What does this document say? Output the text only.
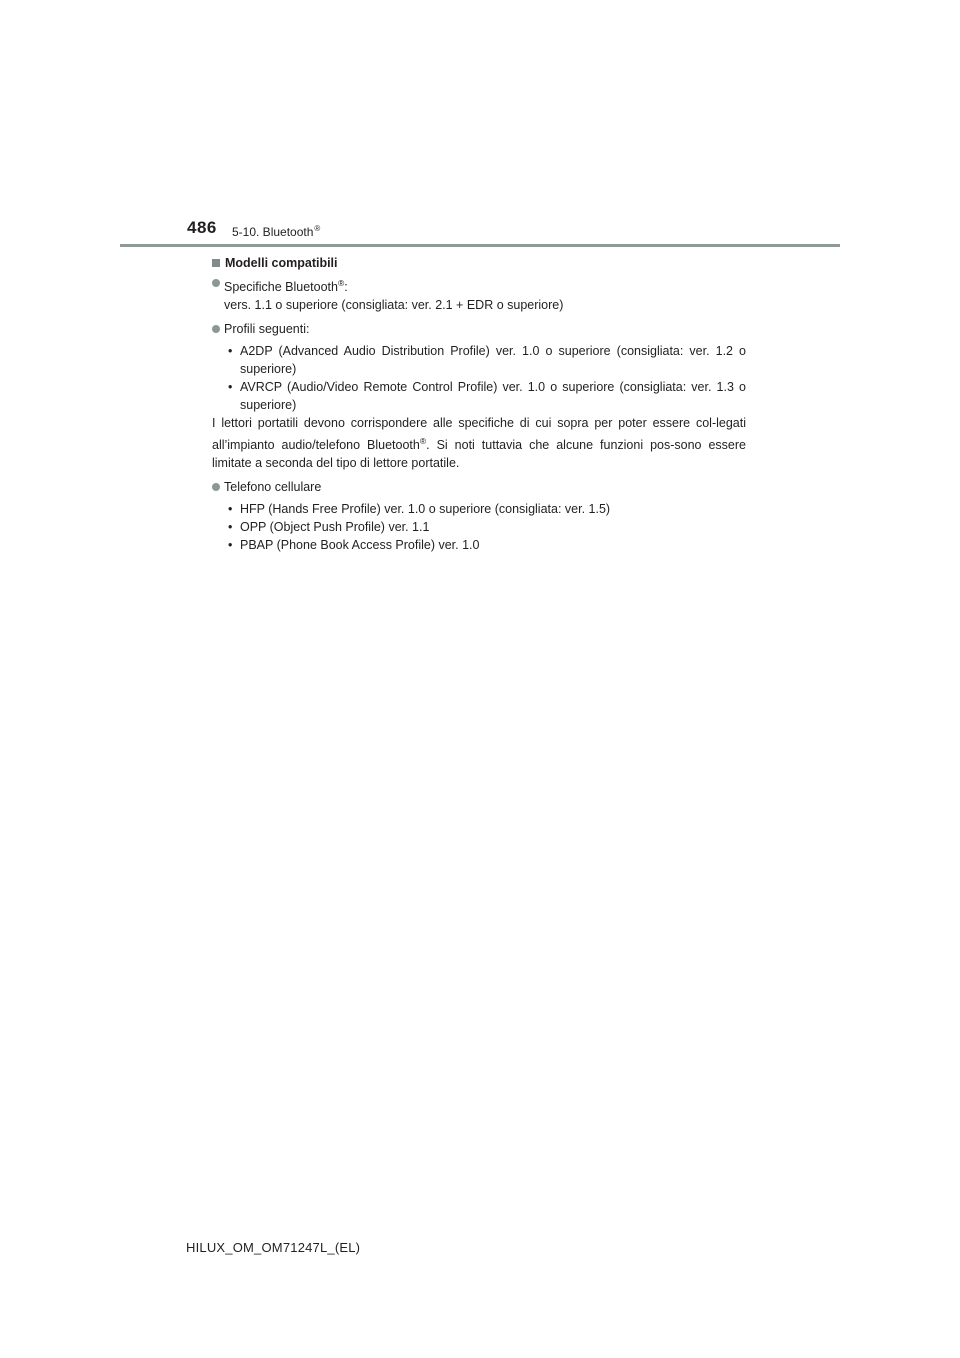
486 5-10. Bluetooth®
Modelli compatibili
Specifiche Bluetooth®:
vers. 1.1 o superiore (consigliata: ver. 2.1 + EDR o superiore)
Profili seguenti:
• A2DP (Advanced Audio Distribution Profile) ver. 1.0 o superiore (consigliata: ver. 1.2 o superiore)
• AVRCP (Audio/Video Remote Control Profile) ver. 1.0 o superiore (consigliata: ver. 1.3 o superiore)
I lettori portatili devono corrispondere alle specifiche di cui sopra per poter essere col-legati all’impianto audio/telefono Bluetooth®. Si noti tuttavia che alcune funzioni pos-sono essere limitate a seconda del tipo di lettore portatile.
Telefono cellulare
• HFP (Hands Free Profile) ver. 1.0 o superiore (consigliata: ver. 1.5)
• OPP (Object Push Profile) ver. 1.1
• PBAP (Phone Book Access Profile) ver. 1.0
HILUX_OM_OM71247L_(EL)
